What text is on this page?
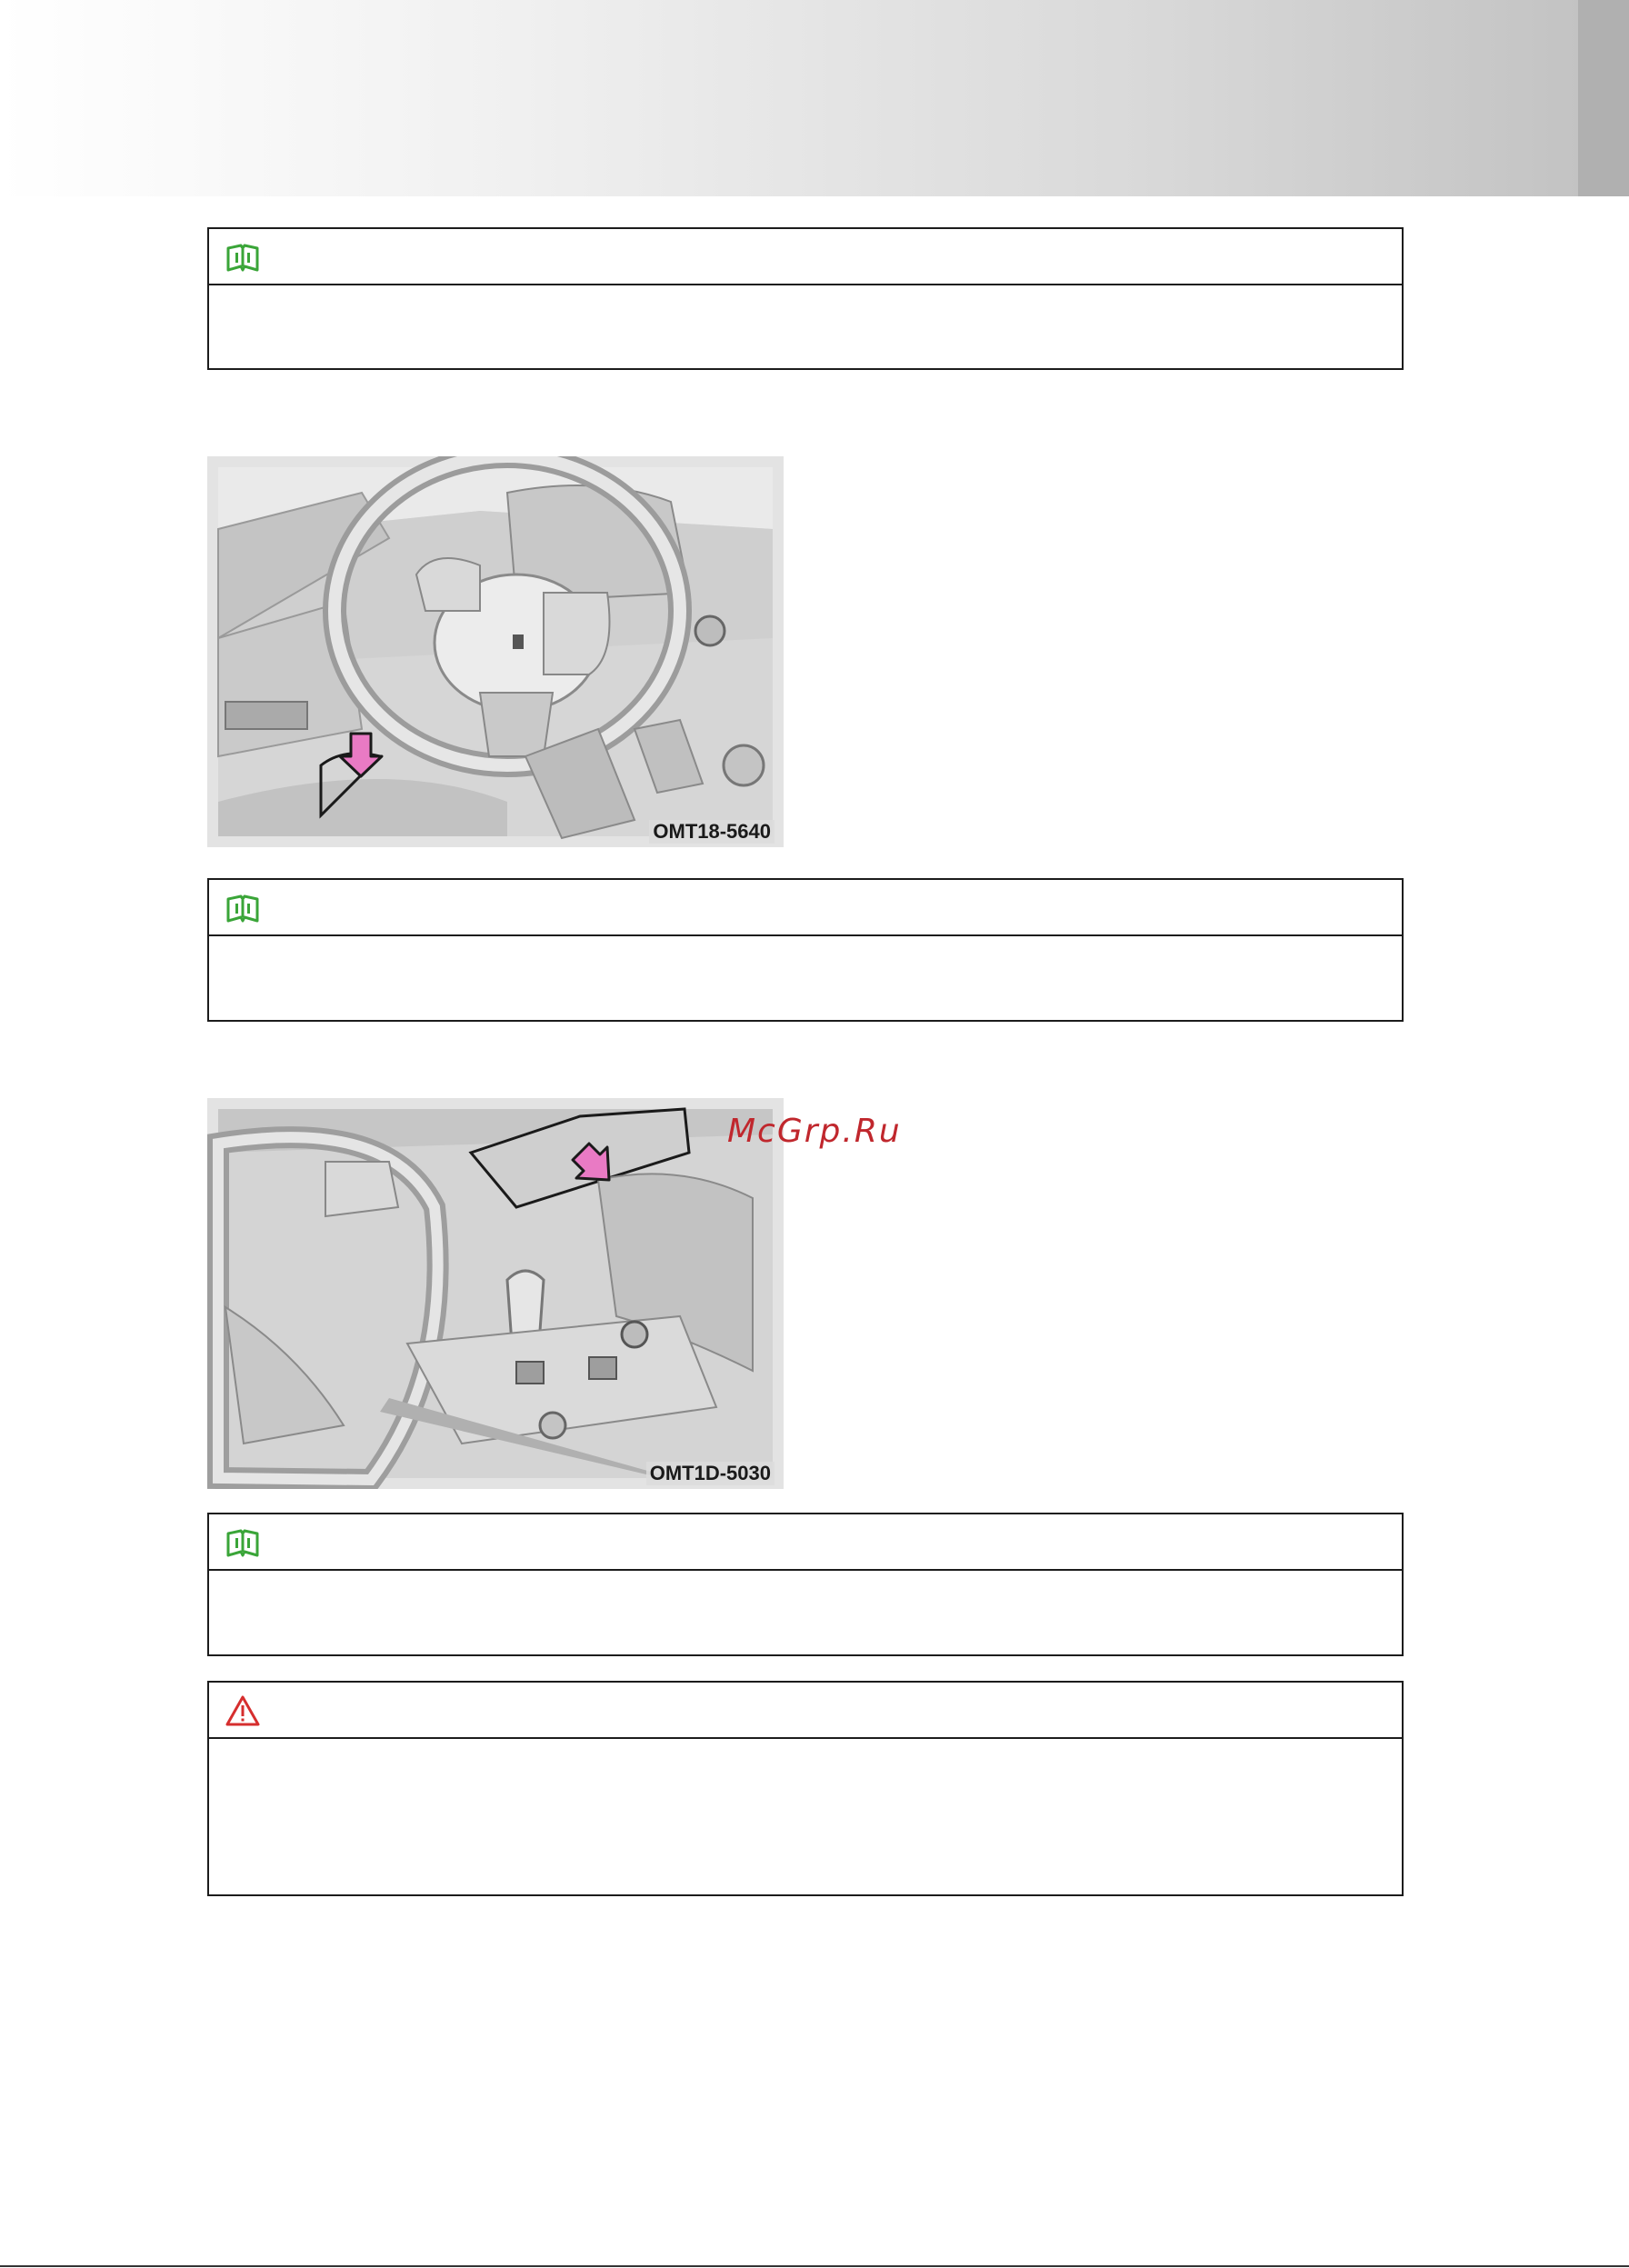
OMT18-5640
OMT1D-5030
McGrp.Ru
